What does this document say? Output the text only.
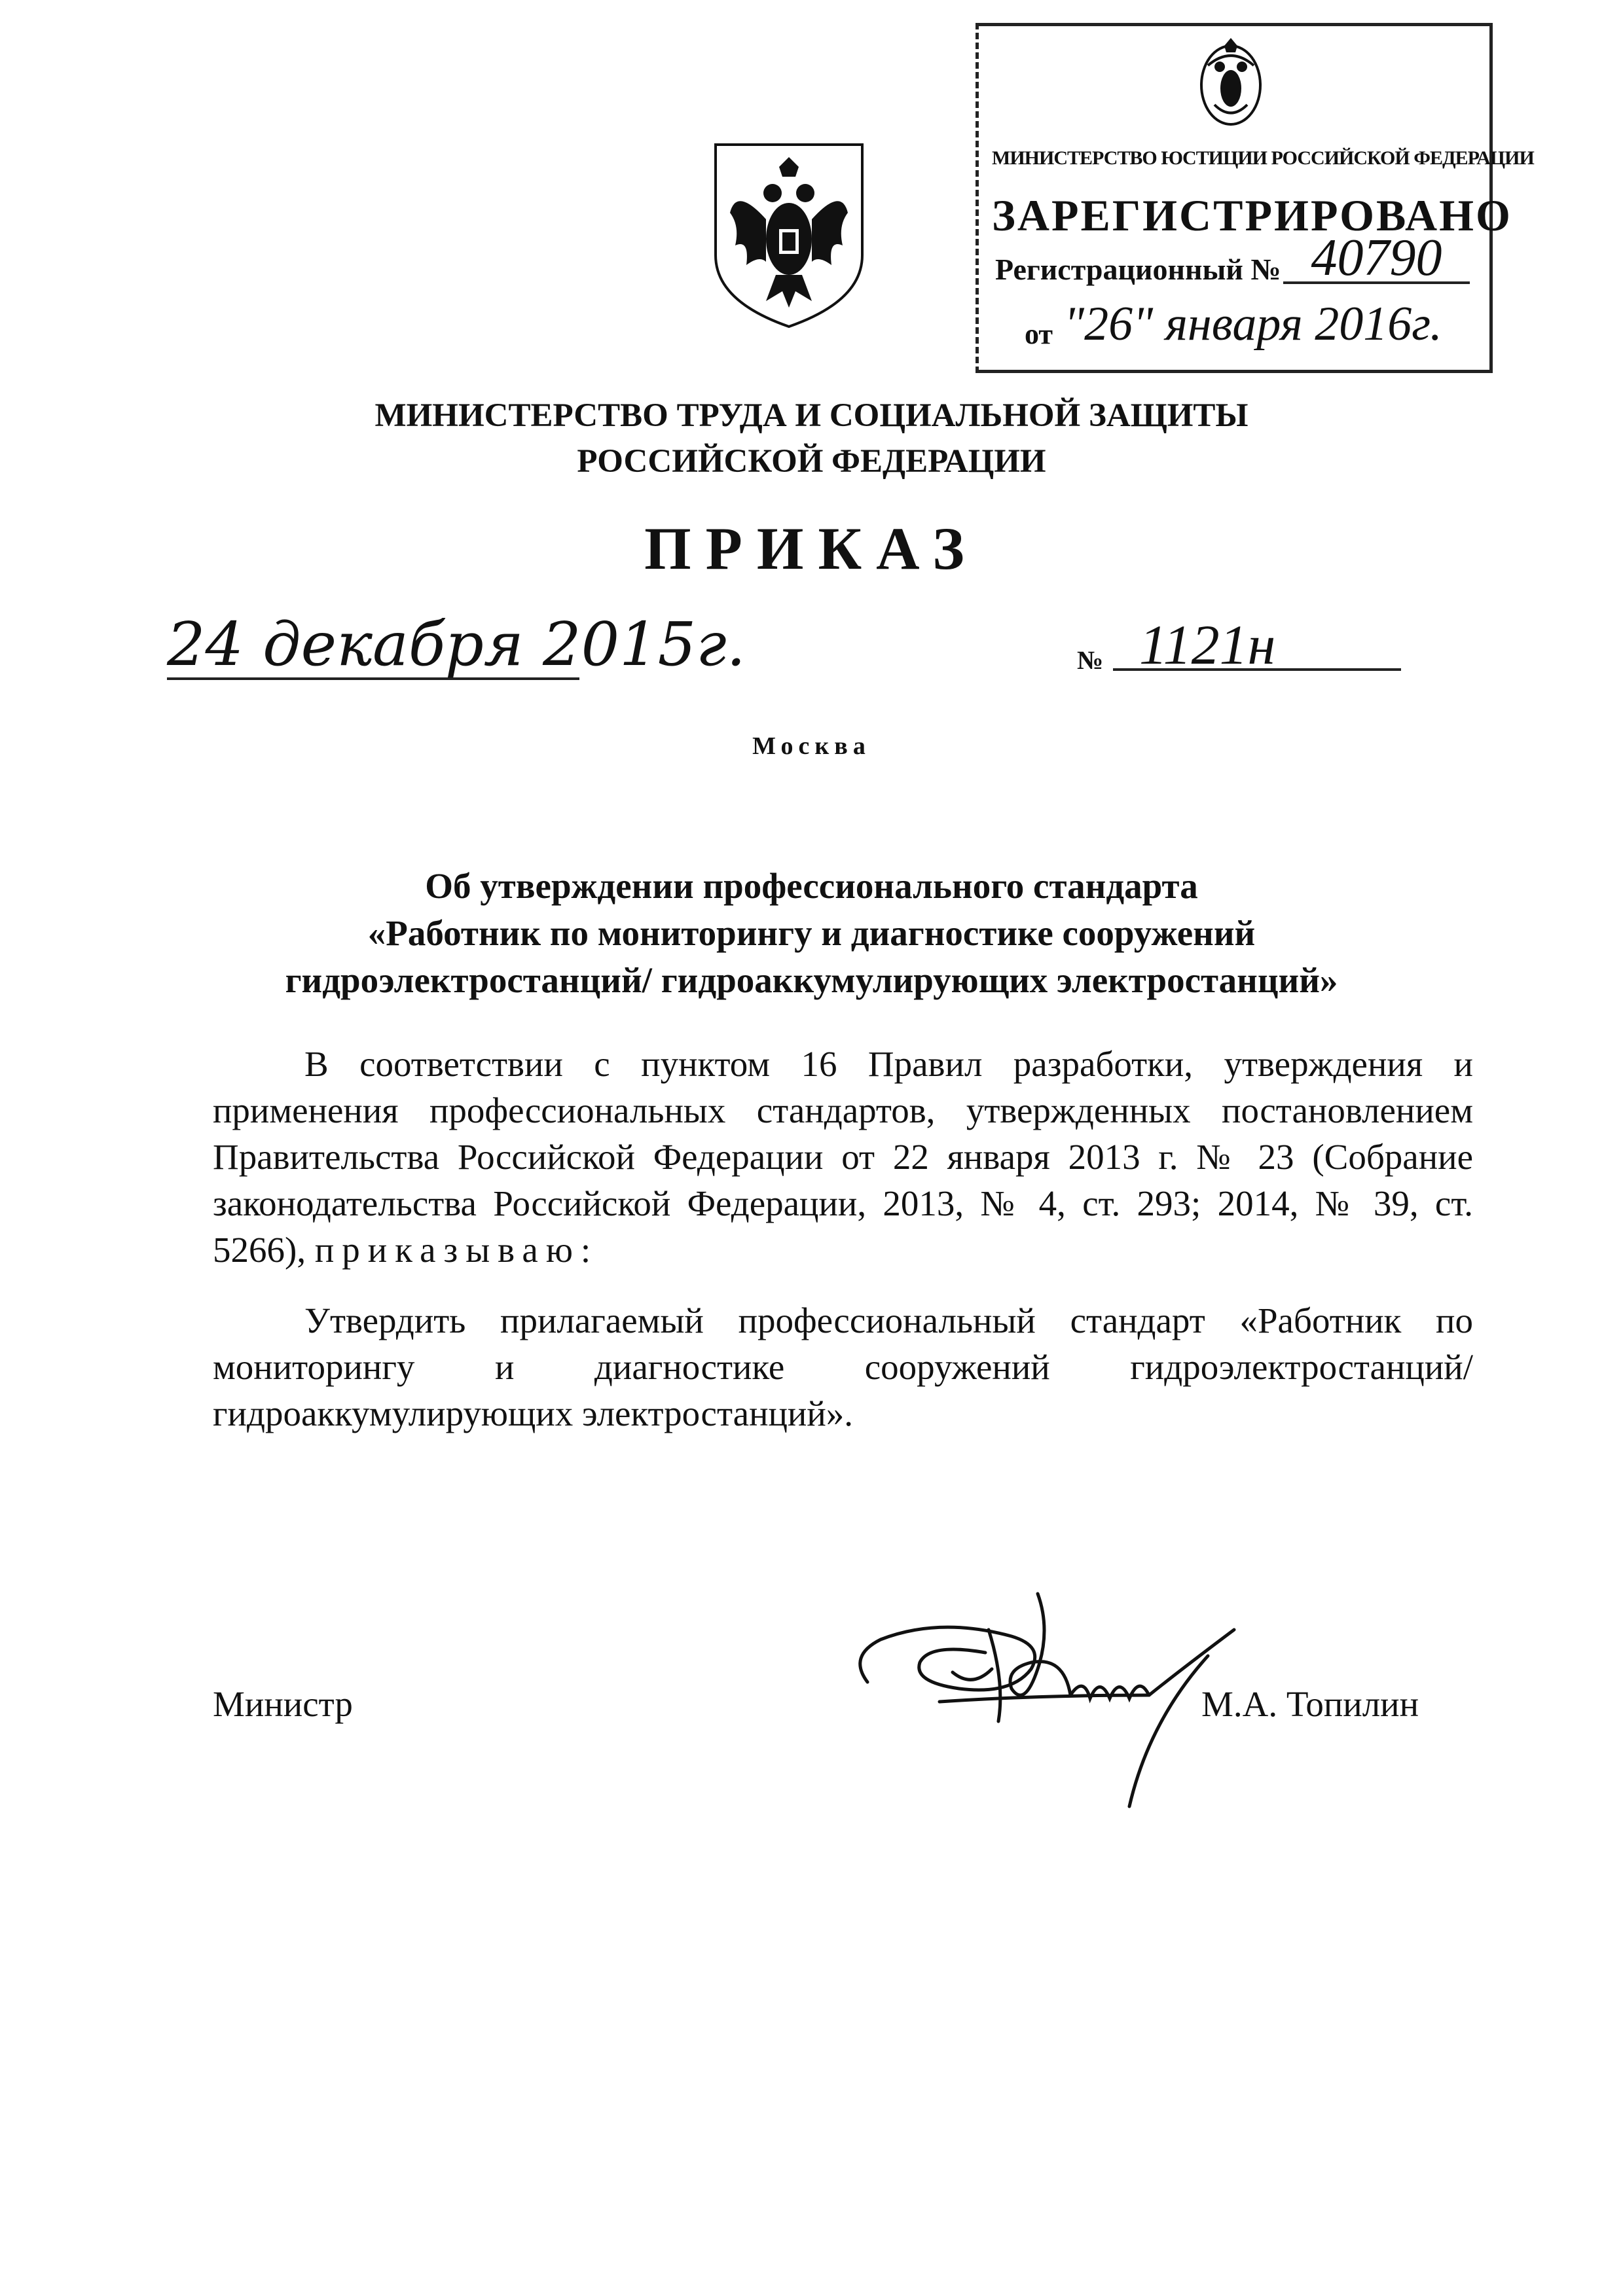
МИНИСТЕРСТВО ЮСТИЦИИ РОССИЙСКОЙ ФЕДЕРАЦИИ
ЗАРЕГИСТРИРОВАНО
Регистрационный № 40790
от "26" января 2016г.
МИНИСТЕРСТВО ТРУДА И СОЦИАЛЬНОЙ ЗАЩИТЫ
РОССИЙСКОЙ ФЕДЕРАЦИИ
ПРИКАЗ
24 декабря 2015г.	№ 1121н
Москва
Об утверждении профессионального стандарта
«Работник по мониторингу и диагностике сооружений
гидроэлектростанций/ гидроаккумулирующих электростанций»
В соответствии с пунктом 16 Правил разработки, утверждения и применения профессиональных стандартов, утвержденных постановлением Правительства Российской Федерации от 22 января 2013 г. № 23 (Собрание законодательства Российской Федерации, 2013, № 4, ст. 293; 2014, № 39, ст. 5266), приказываю:
Утвердить прилагаемый профессиональный стандарт «Работник по мониторингу и диагностике сооружений гидроэлектростанций/ гидроаккумулирующих электростанций».
Министр	М.А. Топилин
